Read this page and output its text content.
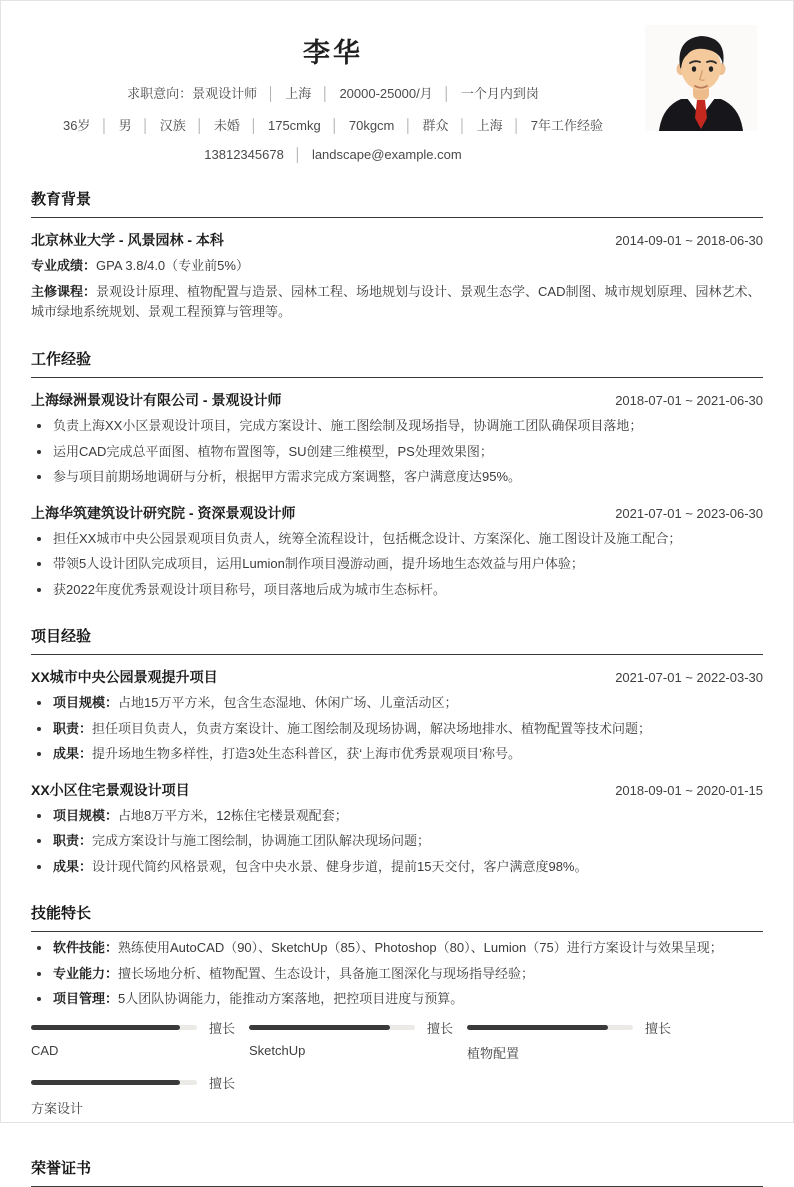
李华
求职意向：景观设计师 │ 上海 │ 20000-25000/月 │ 一个月内到岗
36岁 │ 男 │ 汉族 │ 未婚 │ 175cmkg │ 70kgcm │ 群众 │ 上海 │ 7年工作经验
13812345678 │ landscape@example.com
教育背景
北京林业大学 - 风景园林 - 本科	2014-09-01 ~ 2018-06-30
专业成绩：GPA 3.8/4.0（专业前5%）
主修课程：景观设计原理、植物配置与造景、园林工程、场地规划与设计、景观生态学、CAD制图、城市规划原理、园林艺术、城市绿地系统规划、景观工程预算与管理等。
工作经验
上海绿洲景观设计有限公司 - 景观设计师	2018-07-01 ~ 2021-06-30
负责上海XX小区景观设计项目，完成方案设计、施工图绘制及现场指导，协调施工团队确保项目落地；
运用CAD完成总平面图、植物布置图等，SU创建三维模型，PS处理效果图；
参与项目前期场地调研与分析，根据甲方需求完成方案调整，客户满意度达95%。
上海华筑建筑设计研究院 - 资深景观设计师	2021-07-01 ~ 2023-06-30
担任XX城市中央公园景观项目负责人，统筹全流程设计，包括概念设计、方案深化、施工图设计及施工配合；
带领5人设计团队完成项目，运用Lumion制作项目漫游动画，提升场地生态效益与用户体验；
获2022年度优秀景观设计项目称号，项目落地后成为城市生态标杆。
项目经验
XX城市中央公园景观提升项目	2021-07-01 ~ 2022-03-30
项目规模：占地15万平方米，包含生态湿地、休闲广场、儿童活动区；
职责：担任项目负责人，负责方案设计、施工图绘制及现场协调，解决场地排水、植物配置等技术问题；
成果：提升场地生物多样性，打造3处生态科普区，获‘上海市优秀景观项目’称号。
XX小区住宅景观设计项目	2018-09-01 ~ 2020-01-15
项目规模：占地8万平方米，12栋住宅楼景观配套；
职责：完成方案设计与施工图绘制，协调施工团队解决现场问题；
成果：设计现代简约风格景观，包含中央水景、健身步道，提前15天交付，客户满意度98%。
技能特长
软件技能：熟练使用AutoCAD（90）、SketchUp（85）、Photoshop（80）、Lumion（75）进行方案设计与效果呈现；
专业能力：擅长场地分析、植物配置、生态设计，具备施工图深化与现场指导经验；
项目管理：5人团队协调能力，能推动方案落地，把控项目进度与预算。
擅长
CAD
擅长
SketchUp
擅长
植物配置
擅长
方案设计
荣誉证书
